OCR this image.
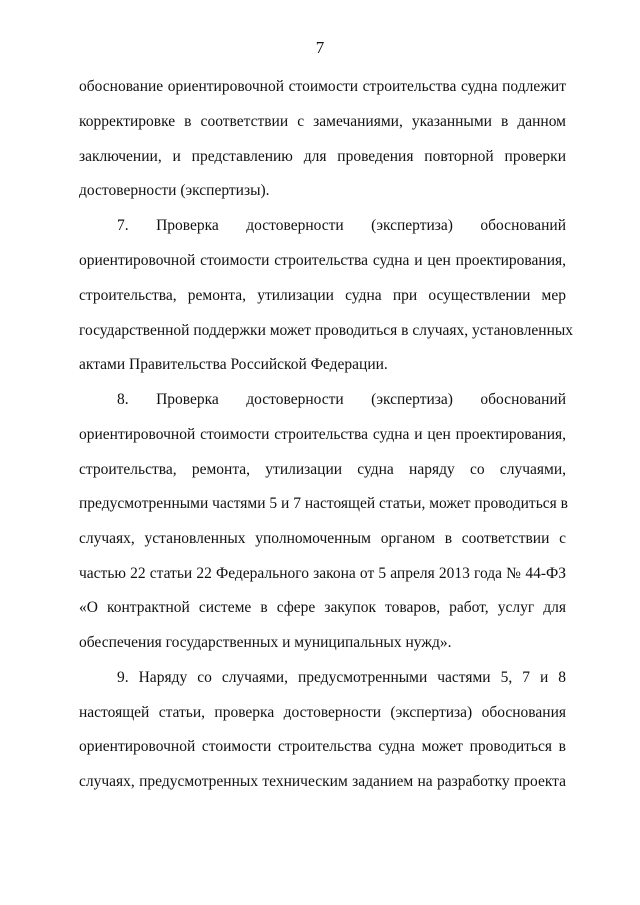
7
обоснование ориентировочной стоимости строительства судна подлежит
корректировке в соответствии с замечаниями, указанными в данном
заключении, и представлению для проведения повторной проверки
достоверности (экспертизы).
7. Проверка достоверности (экспертиза) обоснований
ориентировочной стоимости строительства судна и цен проектирования,
строительства, ремонта, утилизации судна при осуществлении мер
государственной поддержки может проводиться в случаях, установленных
актами Правительства Российской Федерации.
8. Проверка достоверности (экспертиза) обоснований
ориентировочной стоимости строительства судна и цен проектирования,
строительства, ремонта, утилизации судна наряду со случаями,
предусмотренными частями 5 и 7 настоящей статьи, может проводиться в
случаях, установленных уполномоченным органом в соответствии с
частью 22 статьи 22 Федерального закона от 5 апреля 2013 года № 44-ФЗ
«О контрактной системе в сфере закупок товаров, работ, услуг для
обеспечения государственных и муниципальных нужд».
9. Наряду со случаями, предусмотренными частями 5, 7 и 8
настоящей статьи, проверка достоверности (экспертиза) обоснования
ориентировочной стоимости строительства судна может проводиться в
случаях, предусмотренных техническим заданием на разработку проекта
